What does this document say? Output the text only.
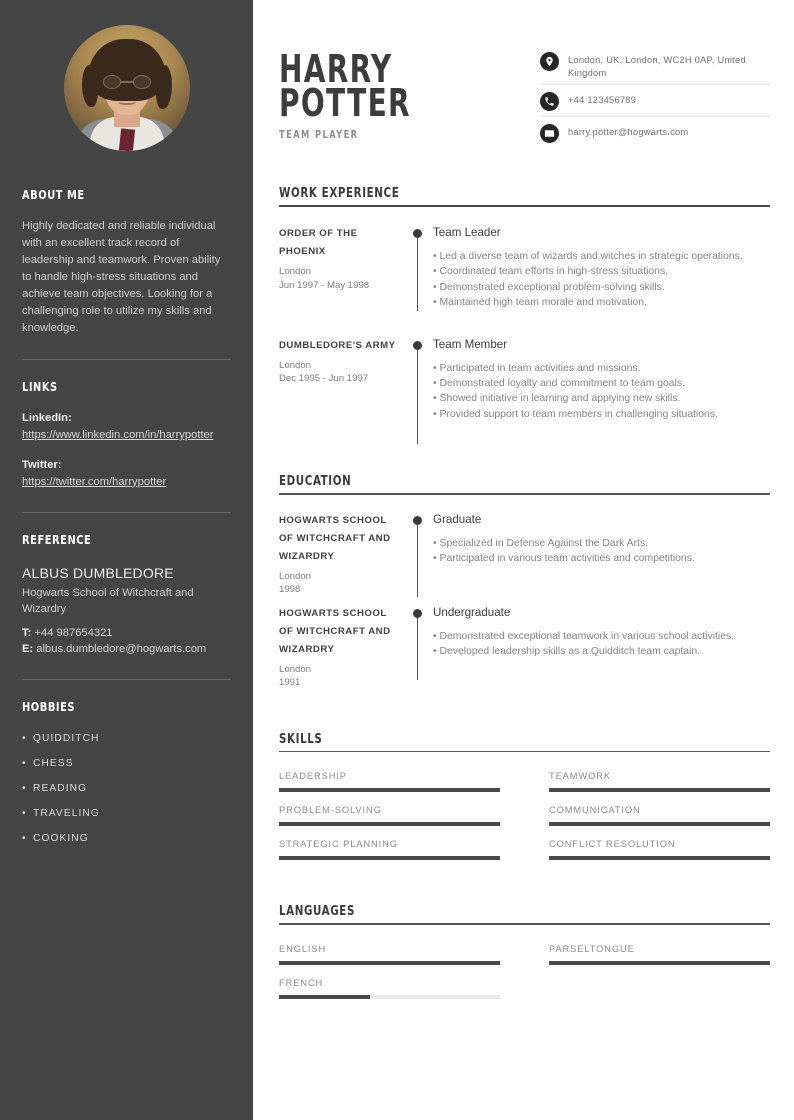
ABOUT ME
Highly dedicated and reliable individual with an excellent track record of leadership and teamwork. Proven ability to handle high-stress situations and achieve team objectives. Looking for a challenging role to utilize my skills and knowledge.
LINKS
LinkedIn:
https://www.linkedin.com/in/harrypotter
Twitter:
https://twitter.com/harrypotter
REFERENCE
ALBUS DUMBLEDORE
Hogwarts School of Witchcraft and Wizardry
T: +44 987654321
E: albus.dumbledore@hogwarts.com
HOBBIES
• QUIDDITCH
• CHESS
• READING
• TRAVELING
• COOKING
HARRY
POTTER
TEAM PLAYER
London, UK, London, WC2H 0AP, United Kingdom
+44 123456789
harry.potter@hogwarts.com
WORK EXPERIENCE
ORDER OF THE PHOENIX
London
Jun 1997 - May 1998
Team Leader
• Led a diverse team of wizards and witches in strategic operations.
• Coordinated team efforts in high-stress situations.
• Demonstrated exceptional problem-solving skills.
• Maintained high team morale and motivation.
DUMBLEDORE'S ARMY
London
Dec 1995 - Jun 1997
Team Member
• Participated in team activities and missions.
• Demonstrated loyalty and commitment to team goals.
• Showed initiative in learning and applying new skills.
• Provided support to team members in challenging situations.
EDUCATION
HOGWARTS SCHOOL OF WITCHCRAFT AND WIZARDRY
London
1998
Graduate
• Specialized in Defense Against the Dark Arts.
• Participated in various team activities and competitions.
HOGWARTS SCHOOL OF WITCHCRAFT AND WIZARDRY
London
1991
Undergraduate
• Demonstrated exceptional teamwork in various school activities.
• Developed leadership skills as a Quidditch team captain.
SKILLS
LEADERSHIP	TEAMWORK
PROBLEM-SOLVING	COMMUNICATION
STRATEGIC PLANNING	CONFLICT RESOLUTION
LANGUAGES
ENGLISH	PARSELTONGUE
FRENCH
